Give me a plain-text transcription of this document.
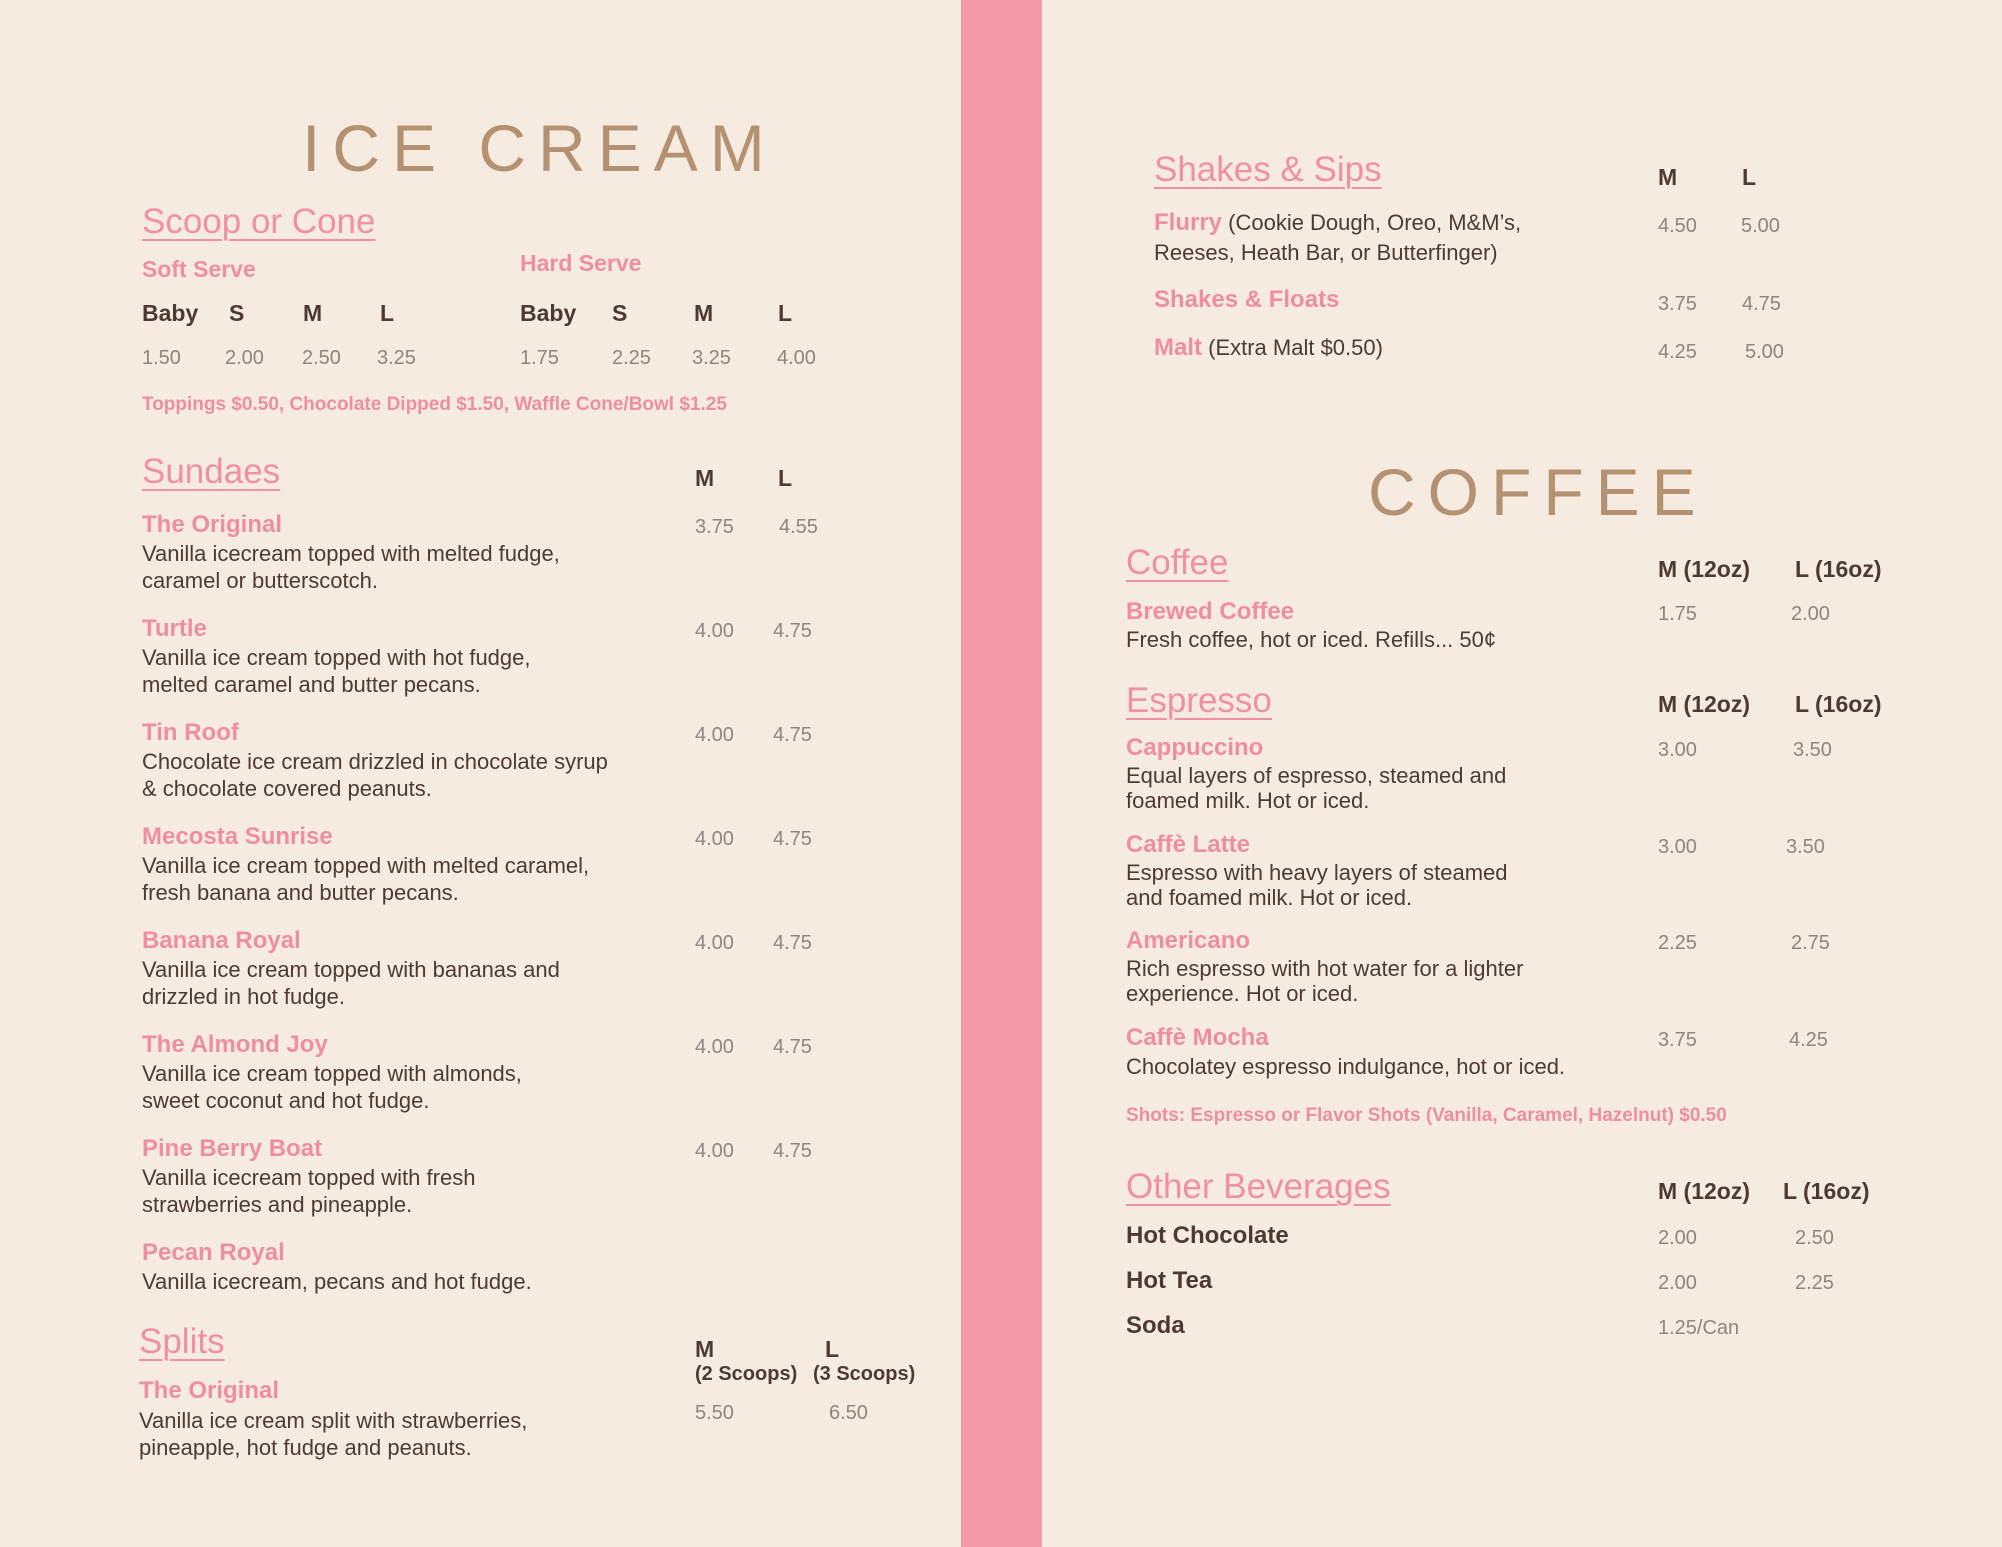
ICE CREAM
Scoop or Cone
Soft Serve	Hard Serve
Baby S	M	L	Baby S	M	L
1.50 2.00 2.50 3.25	1.75	2.25 3.25 4.00
Toppings $0.50, Chocolate Dipped $1.50, Waffle Cone/Bowl $1.25
Sundaes	M	L
The Original
Vanilla icecream topped with melted fudge, caramel or butterscotch.
3.75 4.55
Turtle
Vanilla ice cream topped with hot fudge, melted caramel and butter pecans.
4.00 4.75
Tin Roof
Chocolate ice cream drizzled in chocolate syrup & chocolate covered peanuts.
4.00 4.75
Mecosta Sunrise
Vanilla ice cream topped with melted caramel, fresh banana and butter pecans.
4.00 4.75
Banana Royal
Vanilla ice cream topped with bananas and drizzled in hot fudge.
4.00 4.75
The Almond Joy
Vanilla ice cream topped with almonds, sweet coconut and hot fudge.
4.00 4.75
Pine Berry Boat
Vanilla icecream topped with fresh strawberries and pineapple.
4.00 4.75
Pecan Royal
Vanilla icecream, pecans and hot fudge.
Splits	M
(2 Scoops)
L
(3 Scoops)
The Original
Vanilla ice cream split with strawberries, pineapple, hot fudge and peanuts.
5.50	6.50
Shakes & Sips	M	L
Flurry (Cookie Dough, Oreo, M&M’s,
Reeses, Heath Bar, or Butterfinger)
4.50 5.00
Shakes & Floats	3.75 4.75
Malt (Extra Malt $0.50)	4.25 5.00
COFFEE
Coffee	M (12oz) L (16oz)
Brewed Coffee
Fresh coffee, hot or iced. Refills... 50¢
1.75	2.00
Espresso	M (12oz) L (16oz)
Cappuccino
Equal layers of espresso, steamed and foamed milk. Hot or iced.
3.00	3.50
Caffè Latte
Espresso with heavy layers of steamed and foamed milk. Hot or iced.
3.00	3.50
Americano
Rich espresso with hot water for a lighter experience. Hot or iced.
2.25	2.75
Caffè Mocha
Chocolatey espresso indulgance, hot or iced.
3.75	4.25
Shots: Espresso or Flavor Shots (Vanilla, Caramel, Hazelnut) $0.50
Other Beverages	M (12oz) L (16oz)
Hot Chocolate	2.00	2.50
Hot Tea	2.00	2.25
Soda	1.25/Can
